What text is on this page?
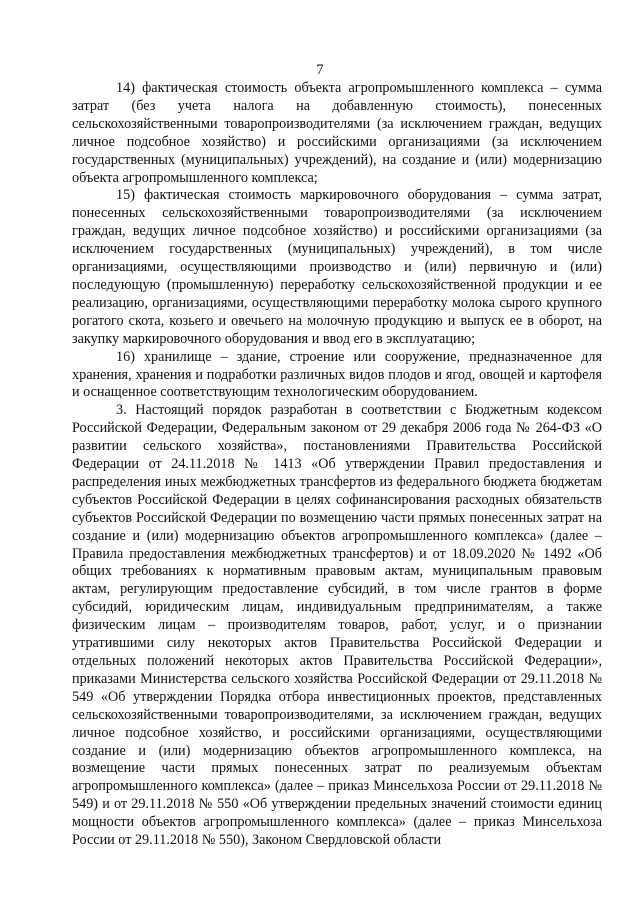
7

14) фактическая стоимость объекта агропромышленного комплекса – сумма затрат (без учета налога на добавленную стоимость), понесенных сельскохозяйственными товаропроизводителями (за исключением граждан, ведущих личное подсобное хозяйство) и российскими организациями (за исключением государственных (муниципальных) учреждений), на создание и (или) модернизацию объекта агропромышленного комплекса;

15) фактическая стоимость маркировочного оборудования – сумма затрат, понесенных сельскохозяйственными товаропроизводителями (за исключением граждан, ведущих личное подсобное хозяйство) и российскими организациями (за исключением государственных (муниципальных) учреждений), в том числе организациями, осуществляющими производство и (или) первичную и (или) последующую (промышленную) переработку сельскохозяйственной продукции и ее реализацию, организациями, осуществляющими переработку молока сырого крупного рогатого скота, козьего и овечьего на молочную продукцию и выпуск ее в оборот, на закупку маркировочного оборудования и ввод его в эксплуатацию;

16) хранилище – здание, строение или сооружение, предназначенное для хранения, хранения и подработки различных видов плодов и ягод, овощей и картофеля и оснащенное соответствующим технологическим оборудованием.

3. Настоящий порядок разработан в соответствии с Бюджетным кодексом Российской Федерации, Федеральным законом от 29 декабря 2006 года № 264-ФЗ «О развитии сельского хозяйства», постановлениями Правительства Российской Федерации от 24.11.2018 № 1413 «Об утверждении Правил предоставления и распределения иных межбюджетных трансфертов из федерального бюджета бюджетам субъектов Российской Федерации в целях софинансирования расходных обязательств субъектов Российской Федерации по возмещению части прямых понесенных затрат на создание и (или) модернизацию объектов агропромышленного комплекса» (далее – Правила предоставления межбюджетных трансфертов) и от 18.09.2020 № 1492 «Об общих требованиях к нормативным правовым актам, муниципальным правовым актам, регулирующим предоставление субсидий, в том числе грантов в форме субсидий, юридическим лицам, индивидуальным предпринимателям, а также физическим лицам – производителям товаров, работ, услуг, и о признании утратившими силу некоторых актов Правительства Российской Федерации и отдельных положений некоторых актов Правительства Российской Федерации», приказами Министерства сельского хозяйства Российской Федерации от 29.11.2018 № 549 «Об утверждении Порядка отбора инвестиционных проектов, представленных сельскохозяйственными товаропроизводителями, за исключением граждан, ведущих личное подсобное хозяйство, и российскими организациями, осуществляющими создание и (или) модернизацию объектов агропромышленного комплекса, на возмещение части прямых понесенных затрат по реализуемым объектам агропромышленного комплекса» (далее – приказ Минсельхоза России от 29.11.2018 № 549) и от 29.11.2018 № 550 «Об утверждении предельных значений стоимости единиц мощности объектов агропромышленного комплекса» (далее – приказ Минсельхоза России от 29.11.2018 № 550), Законом Свердловской области
